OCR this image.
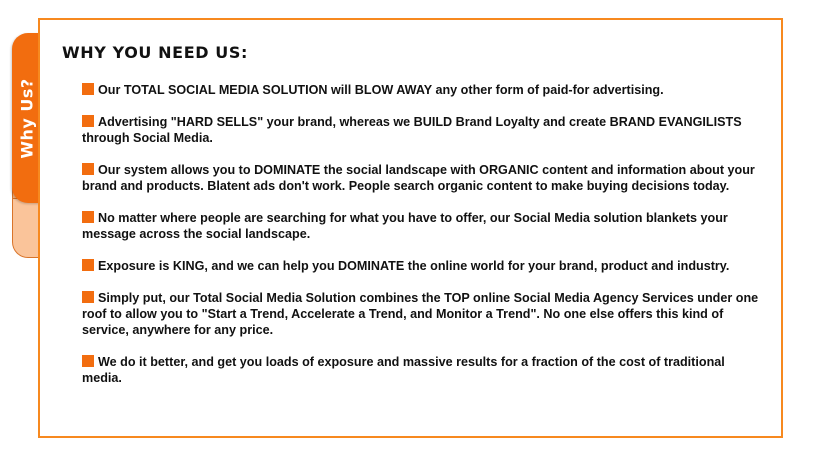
Why Us?
WHY YOU NEED US:
Our TOTAL SOCIAL MEDIA SOLUTION will BLOW AWAY any other form of paid-for advertising.
Advertising "HARD SELLS" your brand, whereas we BUILD Brand Loyalty and create BRAND EVANGILISTS through Social Media.
Our system allows you to DOMINATE the social landscape with ORGANIC content and information about your brand and products. Blatent ads don't work. People search organic content to make buying decisions today.
No matter where people are searching for what you have to offer, our Social Media solution blankets your message across the social landscape.
Exposure is KING, and we can help you DOMINATE the online world for your brand, product and industry.
Simply put, our Total Social Media Solution combines the TOP online Social Media Agency Services under one roof to allow you to "Start a Trend, Accelerate a Trend, and Monitor a Trend". No one else offers this kind of service, anywhere for any price.
We do it better, and get you loads of exposure and massive results for a fraction of the cost of traditional media.
